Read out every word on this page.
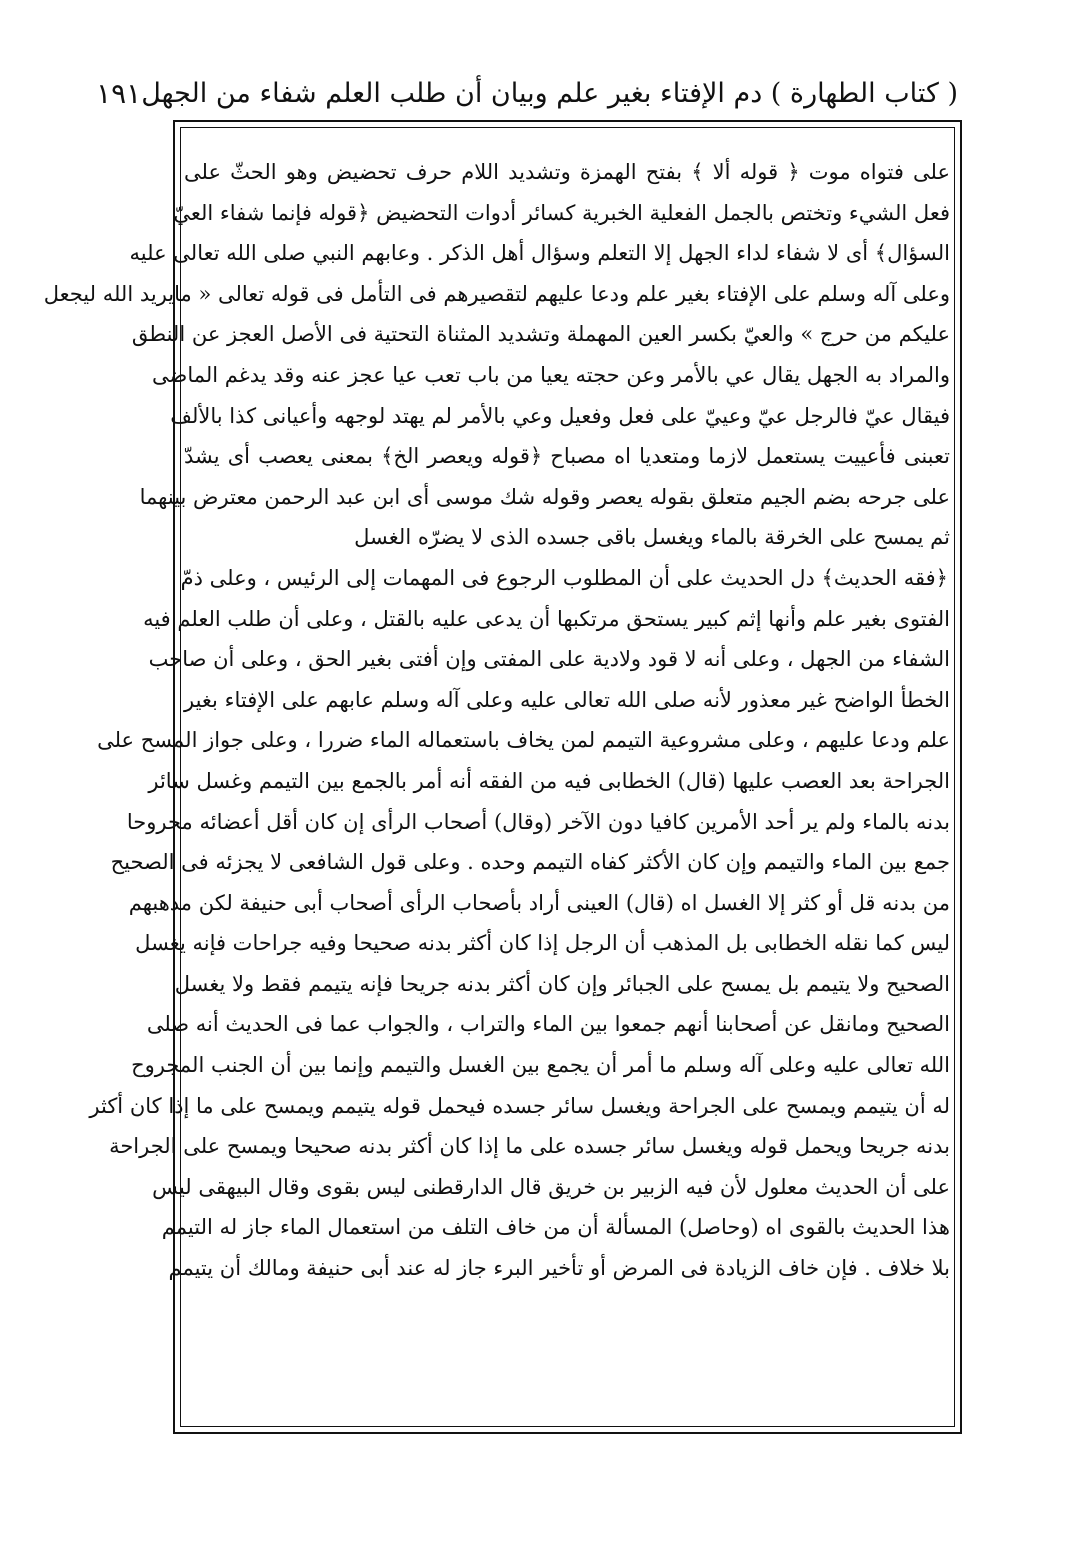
( كتاب الطهارة ) دم الإفتاء بغير علم وبيان أن طلب العلم شفاء من الجهل
١٩١
على فتواه موت ﴿ قوله ألا ﴾ بفتح الهمزة وتشديد اللام حرف تحضيض وهو الحثّ على
فعل الشيء وتختص بالجمل الفعلية الخبرية كسائر أدوات التحضيض ﴿قوله فإنما شفاء العيّ
السؤال﴾ أى لا شفاء لداء الجهل إلا التعلم وسؤال أهل الذكر . وعابهم النبي صلى الله تعالى عليه
وعلى آله وسلم على الإفتاء بغير علم ودعا عليهم لتقصيرهم فى التأمل فى قوله تعالى « مايريد الله ليجعل
عليكم من حرج » والعيّ بكسر العين المهملة وتشديد المثناة التحتية فى الأصل العجز عن النطق
والمراد به الجهل يقال عي بالأمر وعن حجته يعيا من باب تعب عيا عجز عنه وقد يدغم الماضى
فيقال عيّ فالرجل عيّ وعييّ على فعل وفعيل وعي بالأمر لم يهتد لوجهه وأعيانى كذا بالألف
تعبنى فأعييت يستعمل لازما ومتعديا اه مصباح ﴿قوله ويعصر الخ﴾ بمعنى يعصب أى يشدّ
على جرحه بضم الجيم متعلق بقوله يعصر وقوله شك موسى أى ابن عبد الرحمن معترض بينهما
ثم يمسح على الخرقة بالماء ويغسل باقى جسده الذى لا يضرّه الغسل
﴿فقه الحديث﴾ دل الحديث على أن المطلوب الرجوع فى المهمات إلى الرئيس ، وعلى ذمّ
الفتوى بغير علم وأنها إثم كبير يستحق مرتكبها أن يدعى عليه بالقتل ، وعلى أن طلب العلم فيه
الشفاء من الجهل ، وعلى أنه لا قود ولادية على المفتى وإن أفتى بغير الحق ، وعلى أن صاحب
الخطأ الواضح غير معذور لأنه صلى الله تعالى عليه وعلى آله وسلم عابهم على الإفتاء بغير
علم ودعا عليهم ، وعلى مشروعية التيمم لمن يخاف باستعماله الماء ضررا ، وعلى جواز المسح على
الجراحة بعد العصب عليها (قال) الخطابى فيه من الفقه أنه أمر بالجمع بين التيمم وغسل سائر
بدنه بالماء ولم ير أحد الأمرين كافيا دون الآخر (وقال) أصحاب الرأى إن كان أقل أعضائه مجروحا
جمع بين الماء والتيمم وإن كان الأكثر كفاه التيمم وحده . وعلى قول الشافعى لا يجزئه فى الصحيح
من بدنه قل أو كثر إلا الغسل اه (قال) العينى أراد بأصحاب الرأى أصحاب أبى حنيفة لكن مذهبهم
ليس كما نقله الخطابى بل المذهب أن الرجل إذا كان أكثر بدنه صحيحا وفيه جراحات فإنه يغسل
الصحيح ولا يتيمم بل يمسح على الجبائر وإن كان أكثر بدنه جريحا فإنه يتيمم فقط ولا يغسل
الصحيح ومانقل عن أصحابنا أنهم جمعوا بين الماء والتراب ، والجواب عما فى الحديث أنه صلى
الله تعالى عليه وعلى آله وسلم ما أمر أن يجمع بين الغسل والتيمم وإنما بين أن الجنب المجروح
له أن يتيمم ويمسح على الجراحة ويغسل سائر جسده فيحمل قوله يتيمم ويمسح على ما إذا كان أكثر
بدنه جريحا ويحمل قوله ويغسل سائر جسده على ما إذا كان أكثر بدنه صحيحا ويمسح على الجراحة
على أن الحديث معلول لأن فيه الزبير بن خريق قال الدارقطنى ليس بقوى وقال البيهقى ليس
هذا الحديث بالقوى اه (وحاصل) المسألة أن من خاف التلف من استعمال الماء جاز له التيمم
بلا خلاف . فإن خاف الزيادة فى المرض أو تأخير البرء جاز له عند أبى حنيفة ومالك أن يتيمم
